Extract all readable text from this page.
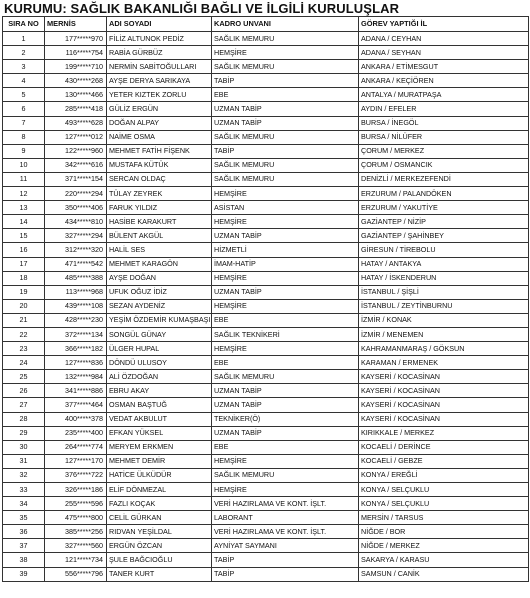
KURUMU: SAĞLIK BAKANLIĞI BAĞLI VE İLGİLİ KURULUŞLAR
SIRA NO	MERNİS	ADI SOYADI	KADRO UNVANI	GÖREV YAPTIĞI İL
1	177*****970	FİLİZ ALTUNOK PEDİZ	SAĞLIK MEMURU	ADANA / CEYHAN
2	116*****754	RABİA GÜRBÜZ	HEMŞİRE	ADANA / SEYHAN
3	199*****710	NERMİN SABİTOĞULLARI	SAĞLIK MEMURU	ANKARA / ETİMESGUT
4	430*****268	AYŞE DERYA SARIKAYA	TABİP	ANKARA / KEÇİÖREN
5	130*****466	YETER KIZTEK ZORLU	EBE	ANTALYA / MURATPAŞA
6	285*****418	GÜLİZ ERGÜN	UZMAN TABİP	AYDIN / EFELER
7	493*****628	DOĞAN ALPAY	UZMAN TABİP	BURSA / İNEGÖL
8	127*****012	NAİME OSMA	SAĞLIK MEMURU	BURSA / NİLÜFER
9	122*****960	MEHMET FATİH FİŞENK	TABİP	ÇORUM / MERKEZ
10	342*****616	MUSTAFA KÜTÜK	SAĞLIK MEMURU	ÇORUM / OSMANCIK
11	371*****154	SERCAN OLDAÇ	SAĞLIK MEMURU	DENİZLİ / MERKEZEFENDİ
12	220*****294	TÜLAY ZEYREK	HEMŞİRE	ERZURUM / PALANDÖKEN
13	350*****406	FARUK YILDIZ	ASİSTAN	ERZURUM / YAKUTİYE
14	434*****810	HASİBE KARAKURT	HEMŞİRE	GAZİANTEP / NİZİP
15	327*****294	BÜLENT AKGÜL	UZMAN TABİP	GAZİANTEP / ŞAHİNBEY
16	312*****320	HALİL SES	HİZMETLİ	GİRESUN / TİREBOLU
17	471*****542	MEHMET KARAGÖN	İMAM-HATİP	HATAY / ANTAKYA
18	485*****388	AYŞE DOĞAN	HEMŞİRE	HATAY / İSKENDERUN
19	113*****968	UFUK OĞUZ İDİZ	UZMAN TABİP	İSTANBUL / ŞİŞLİ
20	439*****108	SEZAN AYDENİZ	HEMŞİRE	İSTANBUL / ZEYTİNBURNU
21	428*****230	YEŞİM ÖZDEMİR KUMAŞBAŞI	EBE	İZMİR / KONAK
22	372*****134	SONGÜL GÜNAY	SAĞLIK TEKNİKERİ	İZMİR / MENEMEN
23	366*****182	ÜLGER HUPAL	HEMŞİRE	KAHRAMANMARAŞ / GÖKSUN
24	127*****836	DÖNDÜ ULUSOY	EBE	KARAMAN / ERMENEK
25	132*****984	ALİ ÖZDOĞAN	SAĞLIK MEMURU	KAYSERİ / KOCASİNAN
26	341*****886	EBRU AKAY	UZMAN TABİP	KAYSERİ / KOCASİNAN
27	377*****464	OSMAN BAŞTUĞ	UZMAN TABİP	KAYSERİ / KOCASİNAN
28	400*****378	VEDAT AKBULUT	TEKNİKER(Ö)	KAYSERİ / KOCASİNAN
29	235*****400	EFKAN YÜKSEL	UZMAN TABİP	KIRIKKALE / MERKEZ
30	264*****774	MERYEM ERKMEN	EBE	KOCAELİ / DERİNCE
31	127*****170	MEHMET DEMİR	HEMŞİRE	KOCAELİ / GEBZE
32	376*****722	HATİCE ÜLKÜDÜR	SAĞLIK MEMURU	KONYA / EREĞLİ
33	326*****186	ELİF DÖNMEZAL	HEMŞİRE	KONYA / SELÇUKLU
34	255*****596	FAZLI KOÇAK	VERİ HAZIRLAMA VE KONT. İŞLT.	KONYA / SELÇUKLU
35	475*****800	CELİL GÜRKAN	LABORANT	MERSİN / TARSUS
36	385*****256	RIDVAN YEŞİLDAL	VERİ HAZIRLAMA VE KONT. İŞLT.	NİĞDE / BOR
37	327*****560	ERGÜN ÖZCAN	AYNİYAT SAYMANI	NİĞDE / MERKEZ
38	121*****734	ŞULE BAĞCIOĞLU	TABİP	SAKARYA / KARASU
39	556*****796	TANER KURT	TABİP	SAMSUN / CANİK
